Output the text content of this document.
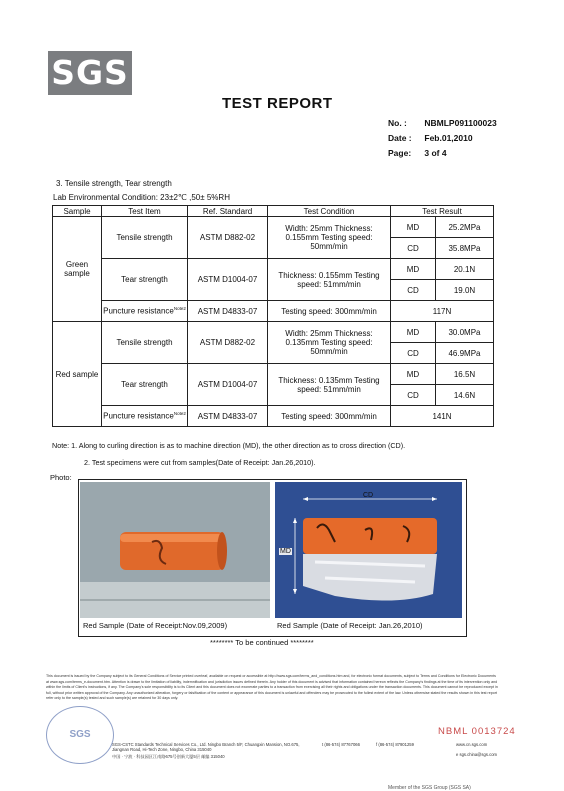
SGS
TEST REPORT
No. : NBMLP091100023
Date : Feb.01,2010
Page: 3 of 4
3. Tensile strength, Tear strength
Lab Environmental Condition: 23±2℃ ,50± 5%RH
Sample	Test Item	Ref. Standard	Test Condition	Test Result	
Green sample	Tensile strength	ASTM D882-02	Width: 25mm Thickness: 0.155mm Testing speed: 50mm/min	MD	25.2MPa
				CD	35.8MPa
	Tear strength	ASTM D1004-07	Thickness: 0.155mm Testing speed: 51mm/min	MD	20.1N
				CD	19.0N
	Puncture resistance$^{Note2}$	ASTM D4833-07	Testing speed: 300mm/min	117N	
Red sample	Tensile strength	ASTM D882-02	Width: 25mm Thickness: 0.135mm Testing speed: 50mm/min	MD	30.0MPa
				CD	46.9MPa
	Tear strength	ASTM D1004-07	Thickness: 0.135mm Testing speed: 51mm/min	MD	16.5N
				CD	14.6N
	Puncture resistance$^{Note2}$	ASTM D4833-07	Testing speed: 300mm/min	141N	
Note: 1. Along to curling direction is as to machine direction (MD), the other direction as to cross direction (CD).
2. Test specimens were cut from samples(Date of Receipt: Jan.26,2010).
Photo:
CD
MD
Red Sample (Date of Receipt:Nov.09,2009)	Red Sample (Date of Receipt: Jan.26,2010)
******** To be continued ********
This document is issued by the Company subject to its General Conditions of Service printed overleaf, available on request or accessible at http://www.sgs.com/terms_and_conditions.htm and, for electronic format documents, subject to Terms and Conditions for Electronic Documents at www.sgs.com/terms_e-document.htm. Attention is drawn to the limitation of liability, indemnification and jurisdiction issues defined therein. Any holder of this document is advised that information contained hereon reflects the Company's findings at the time of its intervention only and within the limits of Client's instructions, if any. The Company's sole responsibility is to its Client and this document does not exonerate parties to a transaction from exercising all their rights and obligations under the transaction documents. This document cannot be reproduced except in full, without prior written approval of the Company. Any unauthorized alteration, forgery or falsification of the content or appearance of this document is unlawful and offenders may be prosecuted to the fullest extent of the law. Unless otherwise stated the results shown in this test report refer only to the sample(s) tested and such sample(s) are retained for 30 days only.
SGS	NBML 0013724
SGS-CSTC Standards Technical Services Co., Ltd. Ningbo Branch 5/F, Chuangxin Mansion, NO.675, Jiangnan Road, Hi-Tech Zone, Ningbo, China 315040
中国 · 宁波 · 科技园区江南路675号创新大厦5层 邮编 315040
t (86-574) 87767066	f (86-574) 87901259	www.cn.sgs.com
e sgs.china@sgs.com
Member of the SGS Group (SGS SA)
